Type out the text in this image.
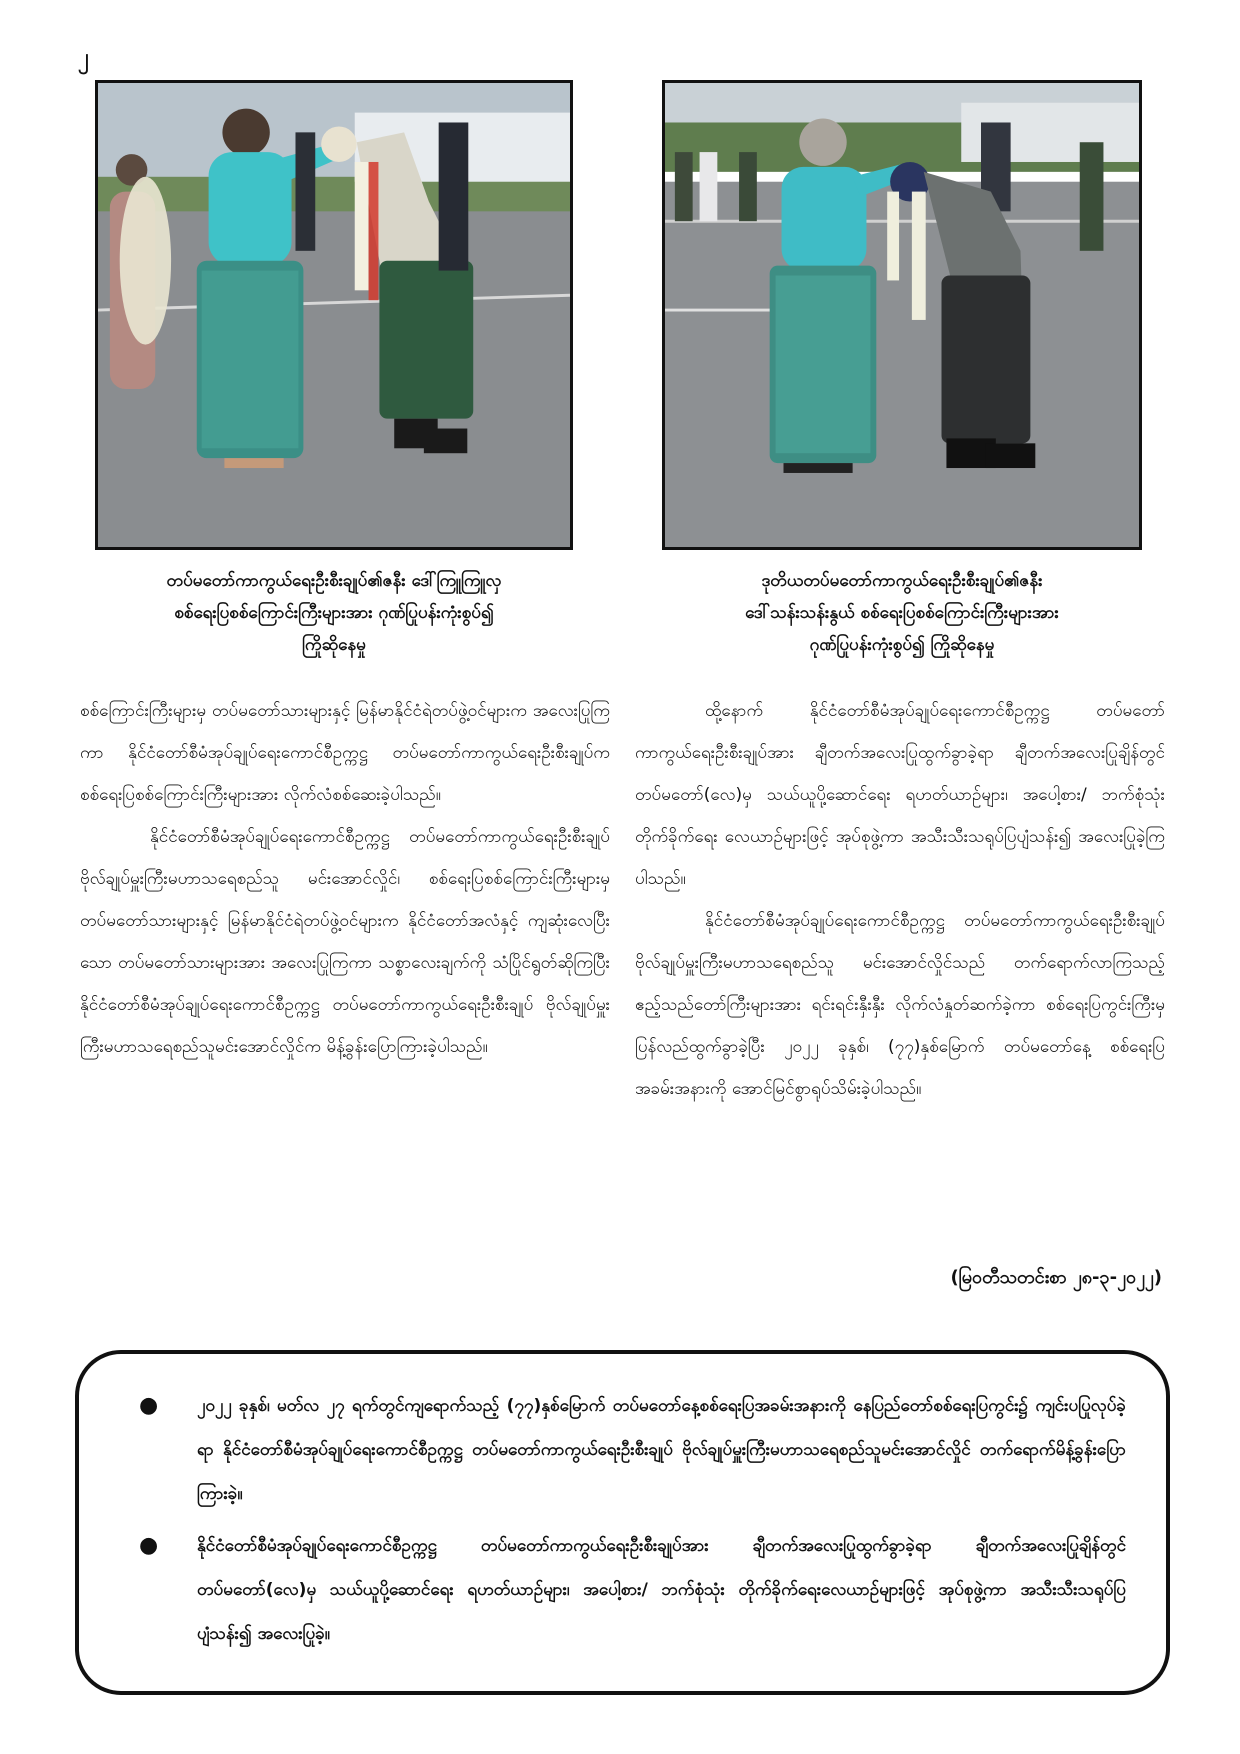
၂

တပ်မတော်ကာကွယ်ရေးဦးစီးချုပ်၏ဇနီး ဒေါ်ကြူကြူလှ
စစ်ရေးပြစစ်ကြောင်းကြီးများအား ဂုဏ်ပြုပန်းကုံးစွပ်၍
ကြိုဆိုနေမှု

ဒုတိယတပ်မတော်ကာကွယ်ရေးဦးစီးချုပ်၏ဇနီး
ဒေါ်သန်းသန်းနွယ် စစ်ရေးပြစစ်ကြောင်းကြီးများအား
ဂုဏ်ပြုပန်းကုံးစွပ်၍ ကြိုဆိုနေမှု

စစ်ကြောင်းကြီးများမှ တပ်မတော်သားများနှင့် မြန်မာနိုင်ငံရဲတပ်ဖွဲ့ဝင်များက အလေးပြုကြကာ နိုင်ငံတော်စီမံအုပ်ချုပ်ရေးကောင်စီဥက္ကဋ္ဌ တပ်မတော်ကာကွယ်ရေးဦးစီးချုပ်က စစ်ရေးပြစစ်ကြောင်းကြီးများအား လိုက်လံစစ်ဆေးခဲ့ပါသည်။

နိုင်ငံတော်စီမံအုပ်ချုပ်ရေးကောင်စီဥက္ကဋ္ဌ တပ်မတော်ကာကွယ်ရေးဦးစီးချုပ် ဗိုလ်ချုပ်မှူးကြီးမဟာသရေစည်သူ မင်းအောင်လှိုင်၊ စစ်ရေးပြစစ်ကြောင်းကြီးများမှ တပ်မတော်သားများနှင့် မြန်မာနိုင်ငံရဲတပ်ဖွဲ့ဝင်များက နိုင်ငံတော်အလံနှင့် ကျဆုံးလေပြီးသော တပ်မတော်သားများအား အလေးပြုကြကာ သစ္စာလေးချက်ကို သံပြိုင်ရွတ်ဆိုကြပြီး နိုင်ငံတော်စီမံအုပ်ချုပ်ရေးကောင်စီဥက္ကဋ္ဌ တပ်မတော်ကာကွယ်ရေးဦးစီးချုပ် ဗိုလ်ချုပ်မှူးကြီးမဟာသရေစည်သူမင်းအောင်လှိုင်က မိန့်ခွန်းပြောကြားခဲ့ပါသည်။

ထို့နောက် နိုင်ငံတော်စီမံအုပ်ချုပ်ရေးကောင်စီဥက္ကဋ္ဌ တပ်မတော်ကာကွယ်ရေးဦးစီးချုပ်အား ချီတက်အလေးပြုထွက်ခွာခဲ့ရာ ချီတက်အလေးပြုချိန်တွင် တပ်မတော်(လေ)မှ သယ်ယူပို့ဆောင်ရေး ရဟတ်ယာဉ်များ၊ အပေါ့စား/ ဘက်စုံသုံး တိုက်ခိုက်ရေး လေယာဉ်များဖြင့် အုပ်စုဖွဲ့ကာ အသီးသီးသရုပ်ပြပျံသန်း၍ အလေးပြုခဲ့ကြပါသည်။

နိုင်ငံတော်စီမံအုပ်ချုပ်ရေးကောင်စီဥက္ကဋ္ဌ တပ်မတော်ကာကွယ်ရေးဦးစီးချုပ် ဗိုလ်ချုပ်မှူးကြီးမဟာသရေစည်သူ မင်းအောင်လှိုင်သည် တက်ရောက်လာကြသည့် ဧည့်သည်တော်ကြီးများအား ရင်းရင်းနှီးနှီး လိုက်လံနှုတ်ဆက်ခဲ့ကာ စစ်ရေးပြကွင်းကြီးမှ ပြန်လည်ထွက်ခွာခဲ့ပြီး ၂၀၂၂ ခုနှစ်၊ (၇၇)နှစ်မြောက် တပ်မတော်နေ့ စစ်ရေးပြအခမ်းအနားကို အောင်မြင်စွာရုပ်သိမ်းခဲ့ပါသည်။

(မြဝတီသတင်းစာ ၂၈-၃-၂၀၂၂)
● ၂၀၂၂ ခုနှစ်၊ မတ်လ ၂၇ ရက်တွင်ကျရောက်သည့် (၇၇)နှစ်မြောက် တပ်မတော်နေ့စစ်ရေးပြအခမ်းအနားကို နေပြည်တော်စစ်ရေးပြကွင်း၌ ကျင်းပပြုလုပ်ခဲ့ရာ နိုင်ငံတော်စီမံအုပ်ချုပ်ရေးကောင်စီဥက္ကဋ္ဌ တပ်မတော်ကာကွယ်ရေးဦးစီးချုပ် ဗိုလ်ချုပ်မှူးကြီးမဟာသရေစည်သူမင်းအောင်လှိုင် တက်ရောက်မိန့်ခွန်းပြောကြားခဲ့။
● နိုင်ငံတော်စီမံအုပ်ချုပ်ရေးကောင်စီဥက္ကဋ္ဌ တပ်မတော်ကာကွယ်ရေးဦးစီးချုပ်အား ချီတက်အလေးပြုထွက်ခွာခဲ့ရာ ချီတက်အလေးပြုချိန်တွင် တပ်မတော်(လေ)မှ သယ်ယူပို့ဆောင်ရေး ရဟတ်ယာဉ်များ၊ အပေါ့စား/ ဘက်စုံသုံး တိုက်ခိုက်ရေးလေယာဉ်များဖြင့် အုပ်စုဖွဲ့ကာ အသီးသီးသရုပ်ပြပျံသန်း၍ အလေးပြုခဲ့။
